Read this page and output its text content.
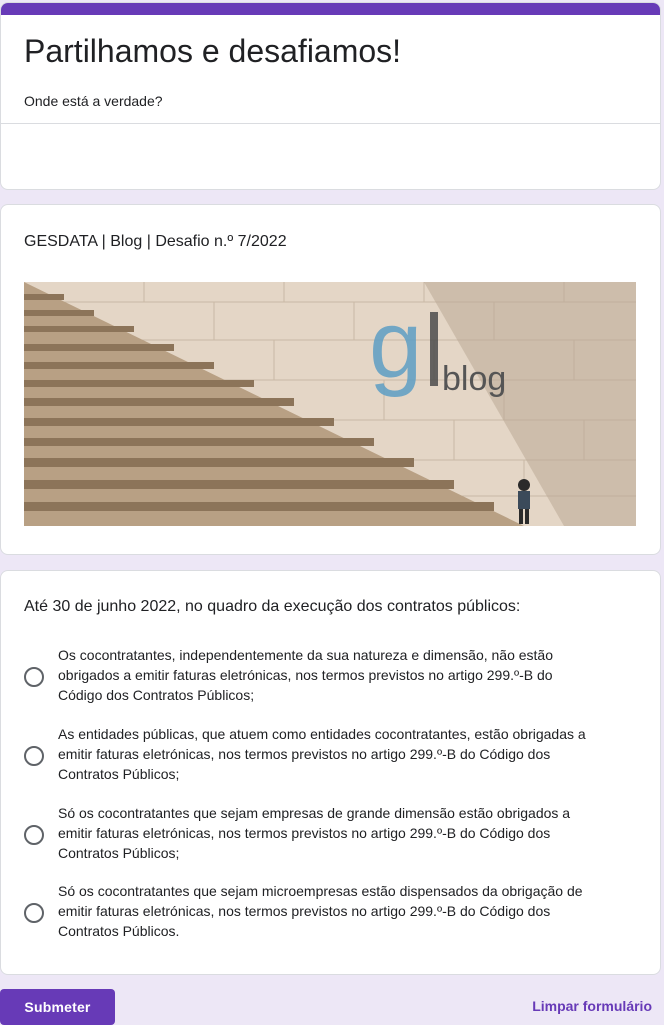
Partilhamos e desafiamos!
Onde está a verdade?
GESDATA | Blog | Desafio n.º 7/2022
g blog
Até 30 de junho 2022, no quadro da execução dos contratos públicos:
Os cocontratantes, independentemente da sua natureza e dimensão, não estão
obrigados a emitir faturas eletrónicas, nos termos previstos no artigo 299.º-B do
Código dos Contratos Públicos;
As entidades públicas, que atuem como entidades cocontratantes, estão obrigadas a
emitir faturas eletrónicas, nos termos previstos no artigo 299.º-B do Código dos
Contratos Públicos;
Só os cocontratantes que sejam empresas de grande dimensão estão obrigados a
emitir faturas eletrónicas, nos termos previstos no artigo 299.º-B do Código dos
Contratos Públicos;
Só os cocontratantes que sejam microempresas estão dispensados da obrigação de
emitir faturas eletrónicas, nos termos previstos no artigo 299.º-B do Código dos
Contratos Públicos.
Submeter	Limpar formulário
